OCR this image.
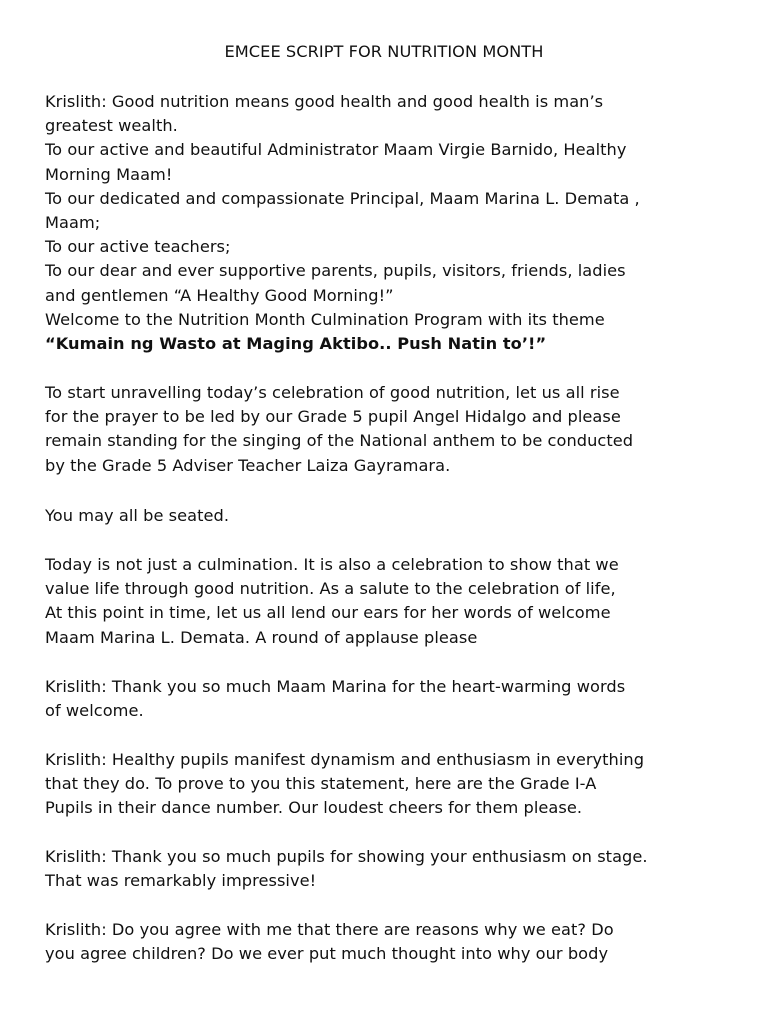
EMCEE SCRIPT FOR NUTRITION MONTH
Krislith: Good nutrition means good health and good health is man’s
greatest wealth.
To our active and beautiful Administrator Maam Virgie Barnido, Healthy
Morning Maam!
To our dedicated and compassionate Principal, Maam Marina L. Demata ,
Maam;
To our active teachers;
To our dear and ever supportive parents, pupils, visitors, friends, ladies
and gentlemen “A Healthy Good Morning!”
Welcome to the Nutrition Month Culmination Program with its theme
“Kumain ng Wasto at Maging Aktibo.. Push Natin to’!”
To start unravelling today’s celebration of good nutrition, let us all rise
for the prayer to be led by our Grade 5 pupil Angel Hidalgo and please
remain standing for the singing of the National anthem to be conducted
by the Grade 5 Adviser Teacher Laiza Gayramara.
You may all be seated.
Today is not just a culmination. It is also a celebration to show that we
value life through good nutrition. As a salute to the celebration of life,
At this point in time, let us all lend our ears for her words of welcome
Maam Marina L. Demata. A round of applause please
Krislith: Thank you so much Maam Marina for the heart-warming words
of welcome.
Krislith: Healthy pupils manifest dynamism and enthusiasm in everything
that they do. To prove to you this statement, here are the Grade I-A
Pupils in their dance number. Our loudest cheers for them please.
Krislith: Thank you so much pupils for showing your enthusiasm on stage.
That was remarkably impressive!
Krislith: Do you agree with me that there are reasons why we eat? Do
you agree children? Do we ever put much thought into why our body
